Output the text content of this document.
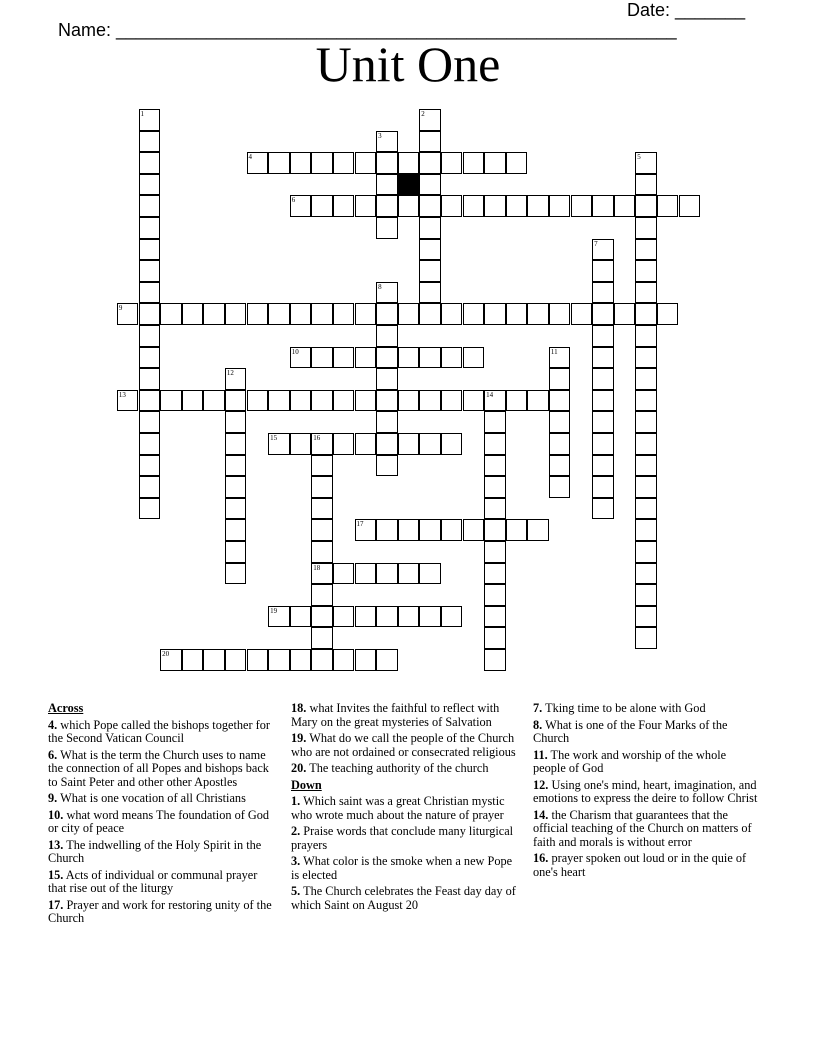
Name: ________________________________________________________

Date: _______

Unit One
4
6
9
10
13	14
15	16
17
18
19
20
1	2
3
5
7
8
11
12
Across
4. which Pope called the bishops together for the Second Vatican Council
6. What is the term the Church uses to name the connection of all Popes and bishops back to Saint Peter and other other Apostles
9. What is one vocation of all Christians
10. what word means The foundation of God or city of peace
13. The indwelling of the Holy Spirit in the Church
15. Acts of individual or communal prayer that rise out of the liturgy
17. Prayer and work for restoring unity of the Church
18. what Invites the faithful to reflect with Mary on the great mysteries of Salvation
19. What do we call the people of the Church who are not ordained or consecrated religious
20. The teaching authority of the church
Down
1. Which saint was a great Christian mystic who wrote much about the nature of prayer
2. Praise words that conclude many liturgical prayers
3. What color is the smoke when a new Pope is elected
5. The Church celebrates the Feast day day of which Saint on August 20
7. Tking time to be alone with God
8. What is one of the Four Marks of the Church
11. The work and worship of the whole people of God
12. Using one's mind, heart, imagination, and emotions to express the deire to follow Christ
14. the Charism that guarantees that the official teaching of the Church on matters of faith and morals is without error
16. prayer spoken out loud or in the quie of one's heart
